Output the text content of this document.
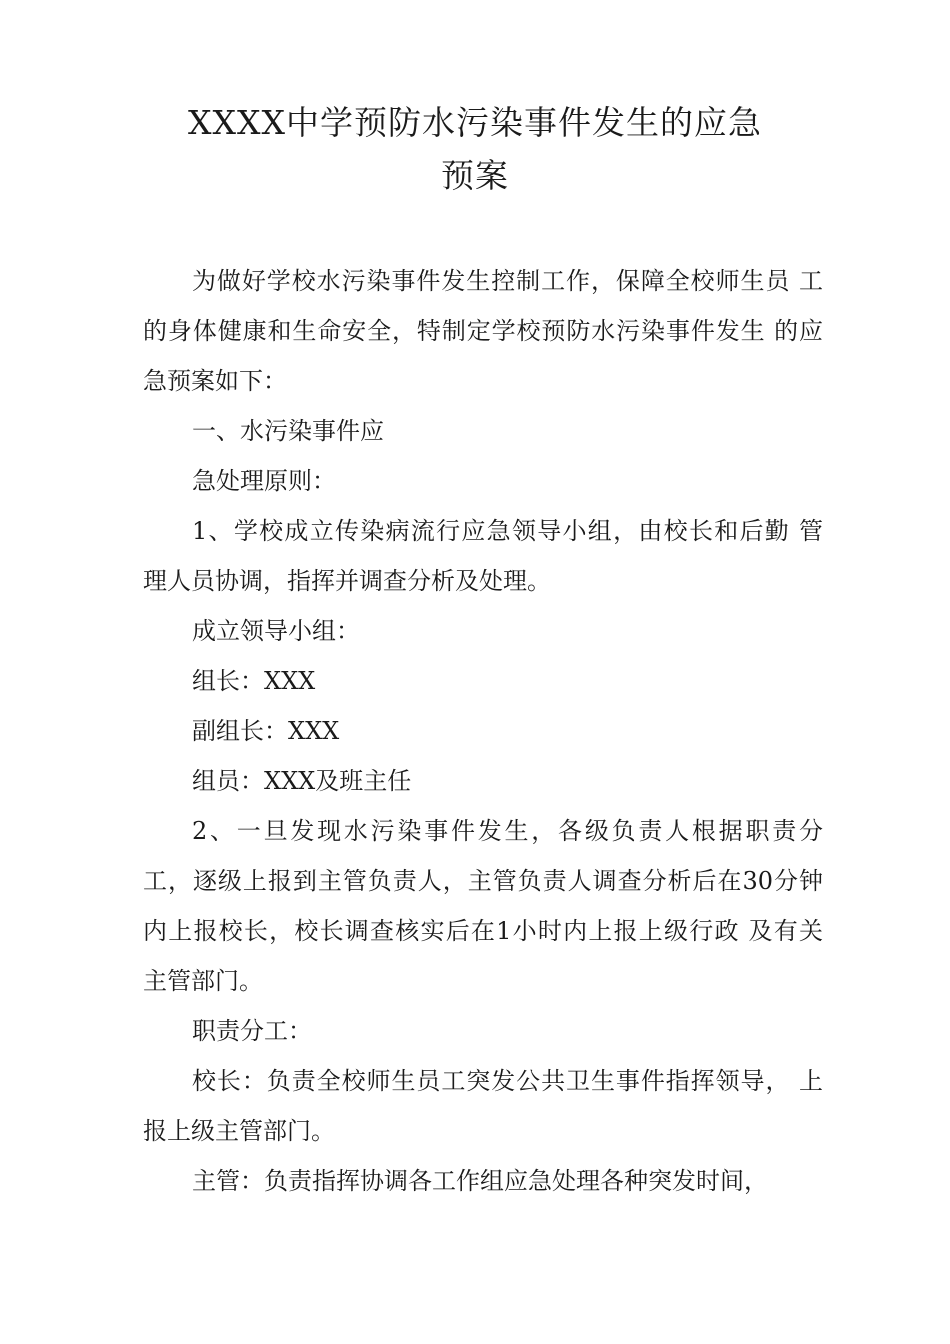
XXXX中学预防水污染事件发生的应急
预案
为做好学校水污染事件发生控制工作，保障全校师生员 工
的身体健康和生命安全，特制定学校预防水污染事件发生 的应
急预案如下：
一、水污染事件应
急处理原则：
1、学校成立传染病流行应急领导小组，由校长和后勤 管
理人员协调，指挥并调查分析及处理。
成立领导小组：
组长：XXX
副组长：XXX
组员：XXX及班主任
2、一旦发现水污染事件发生，各级负责人根据职责分
工，逐级上报到主管负责人，主管负责人调查分析后在30分钟
内上报校长，校长调查核实后在1小时内上报上级行政 及有关
主管部门。
职责分工：
校长：负责全校师生员工突发公共卫生事件指挥领导， 上
报上级主管部门。
主管：负责指挥协调各工作组应急处理各种突发时间，
